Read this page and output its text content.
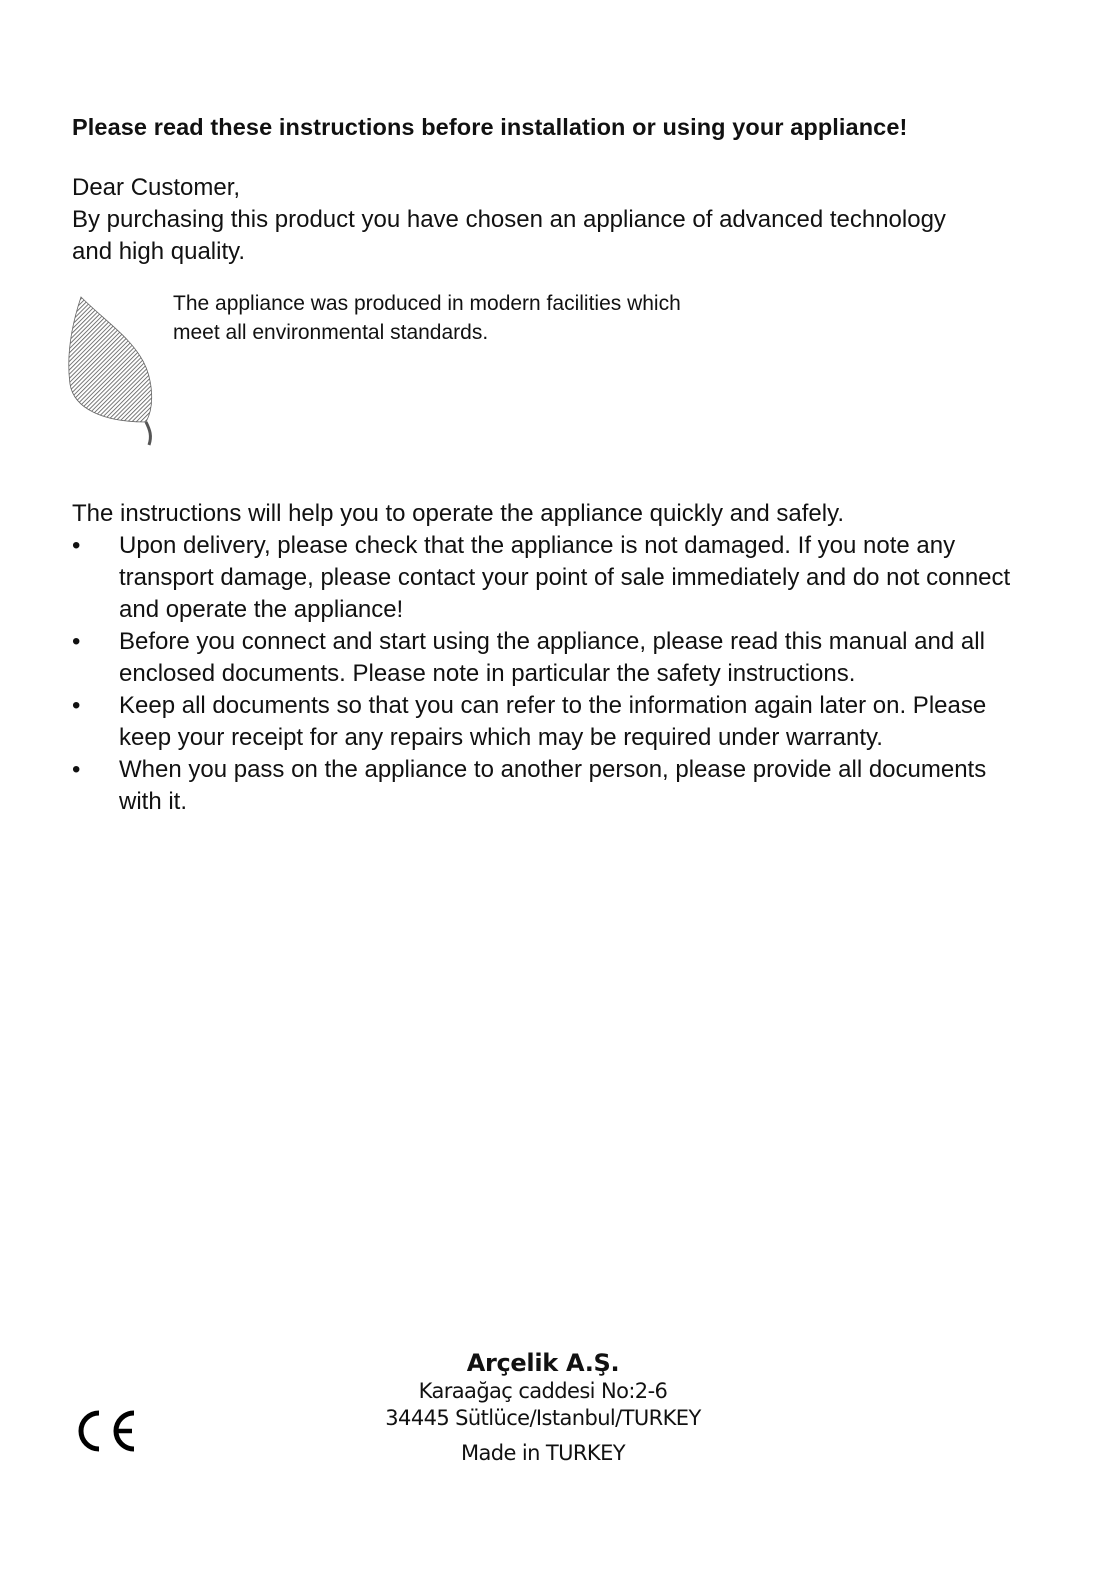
Please read these instructions before installation or using your appliance!
Dear Customer,
By purchasing this product you have chosen an appliance of advanced technology and high quality.
The appliance was produced in modern facilities which
meet all environmental standards.
The instructions will help you to operate the appliance quickly and safely.
• Upon delivery, please check that the appliance is not damaged. If you note any transport damage, please contact your point of sale immediately and do not connect and operate the appliance!
• Before you connect and start using the appliance, please read this manual and all enclosed documents. Please note in particular the safety instructions.
• Keep all documents so that you can refer to the information again later on. Please keep your receipt for any repairs which may be required under warranty.
• When you pass on the appliance to another person, please provide all documents with it.
Arçelik A.Ş.
Karaağaç caddesi No:2-6
34445 Sütlüce/Istanbul/TURKEY
Made in TURKEY
